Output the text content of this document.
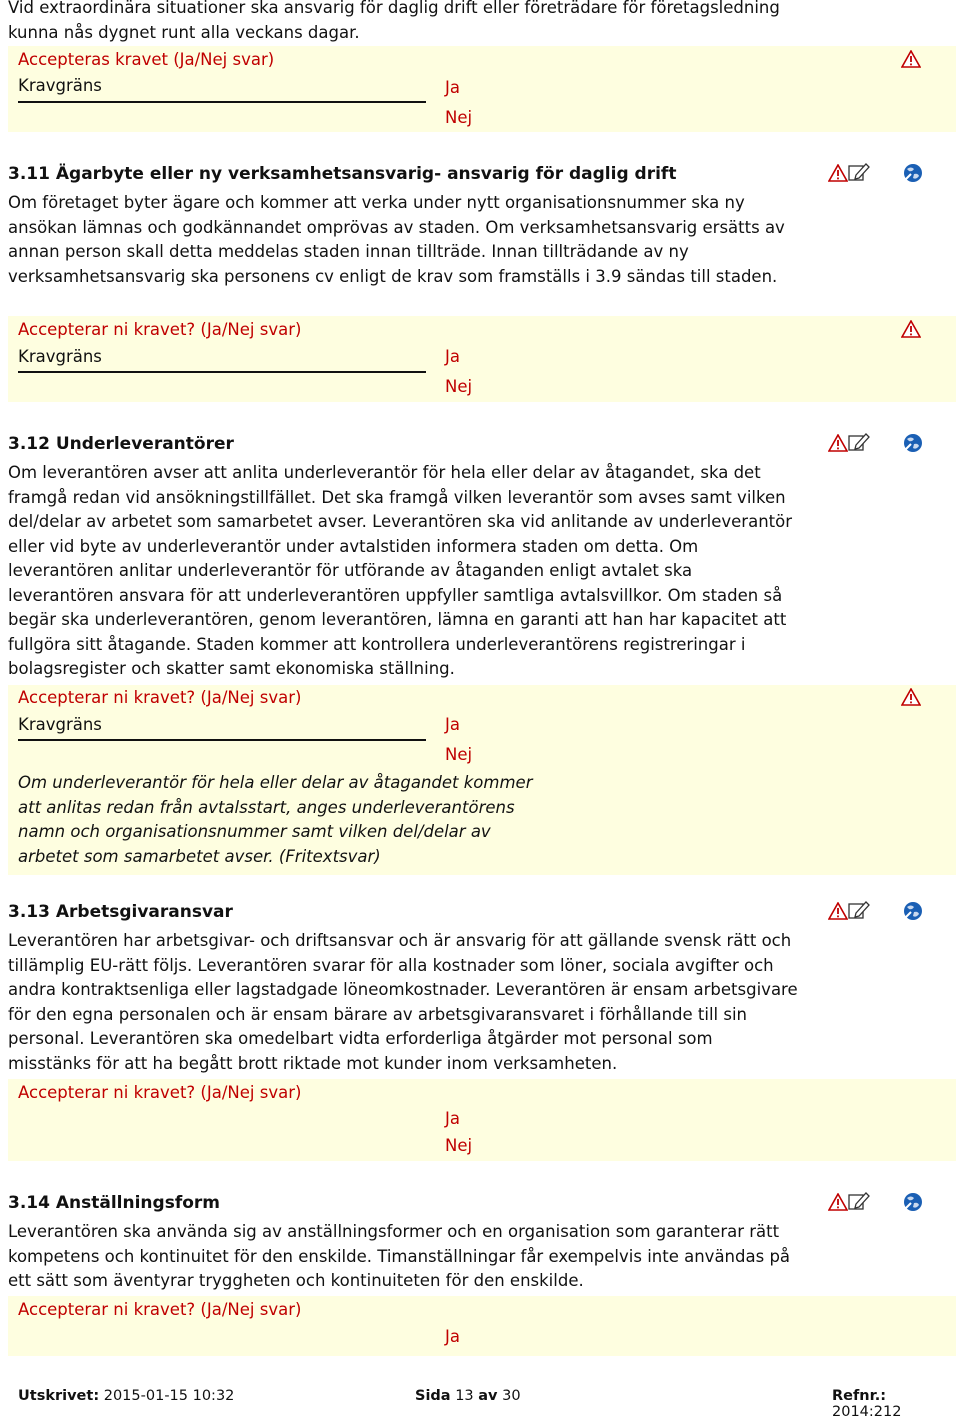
Vid extraordinära situationer ska ansvarig för daglig drift eller företrädare för företagsledning kunna nås dygnet runt alla veckans dagar.
Accepteras kravet (Ja/Nej svar)
Kravgräns	Ja
Nej
3.11 Ägarbyte eller ny verksamhetsansvarig- ansvarig för daglig drift
Om företaget byter ägare och kommer att verka under nytt organisationsnummer ska ny ansökan lämnas och godkännandet omprövas av staden. Om verksamhetsansvarig ersätts av annan person skall detta meddelas staden innan tillträde. Innan tillträdande av ny verksamhetsansvarig ska personens cv enligt de krav som framställs i 3.9 sändas till staden.
Accepterar ni kravet? (Ja/Nej svar)
Kravgräns	Ja
Nej
3.12 Underleverantörer
Om leverantören avser att anlita underleverantör för hela eller delar av åtagandet, ska det framgå redan vid ansökningstillfället. Det ska framgå vilken leverantör som avses samt vilken del/delar av arbetet som samarbetet avser. Leverantören ska vid anlitande av underleverantör eller vid byte av underleverantör under avtalstiden informera staden om detta. Om leverantören anlitar underleverantör för utförande av åtaganden enligt avtalet ska leverantören ansvara för att underleverantören uppfyller samtliga avtalsvillkor. Om staden så begär ska underleverantören, genom leverantören, lämna en garanti att han har kapacitet att fullgöra sitt åtagande. Staden kommer att kontrollera underleverantörens registreringar i bolagsregister och skatter samt ekonomiska ställning.
Accepterar ni kravet? (Ja/Nej svar)
Kravgräns	Ja
Nej
Om underleverantör för hela eller delar av åtagandet kommer att anlitas redan från avtalsstart, anges underleverantörens namn och organisationsnummer samt vilken del/delar av arbetet som samarbetet avser. (Fritextsvar)
3.13 Arbetsgivaransvar
Leverantören har arbetsgivar- och driftsansvar och är ansvarig för att gällande svensk rätt och tillämplig EU-rätt följs. Leverantören svarar för alla kostnader som löner, sociala avgifter och andra kontraktsenliga eller lagstadgade löneomkostnader. Leverantören är ensam arbetsgivare för den egna personalen och är ensam bärare av arbetsgivaransvaret i förhållande till sin personal. Leverantören ska omedelbart vidta erforderliga åtgärder mot personal som misstänks för att ha begått brott riktade mot kunder inom verksamheten.
Accepterar ni kravet? (Ja/Nej svar)
Ja
Nej
3.14 Anställningsform
Leverantören ska använda sig av anställningsformer och en organisation som garanterar rätt kompetens och kontinuitet för den enskilde. Timanställningar får exempelvis inte användas på ett sätt som äventyrar tryggheten och kontinuiteten för den enskilde.
Accepterar ni kravet? (Ja/Nej svar)
Ja
Utskrivet: 2015-01-15 10:32	Sida 13 av 30	Refnr.: 2014:212
